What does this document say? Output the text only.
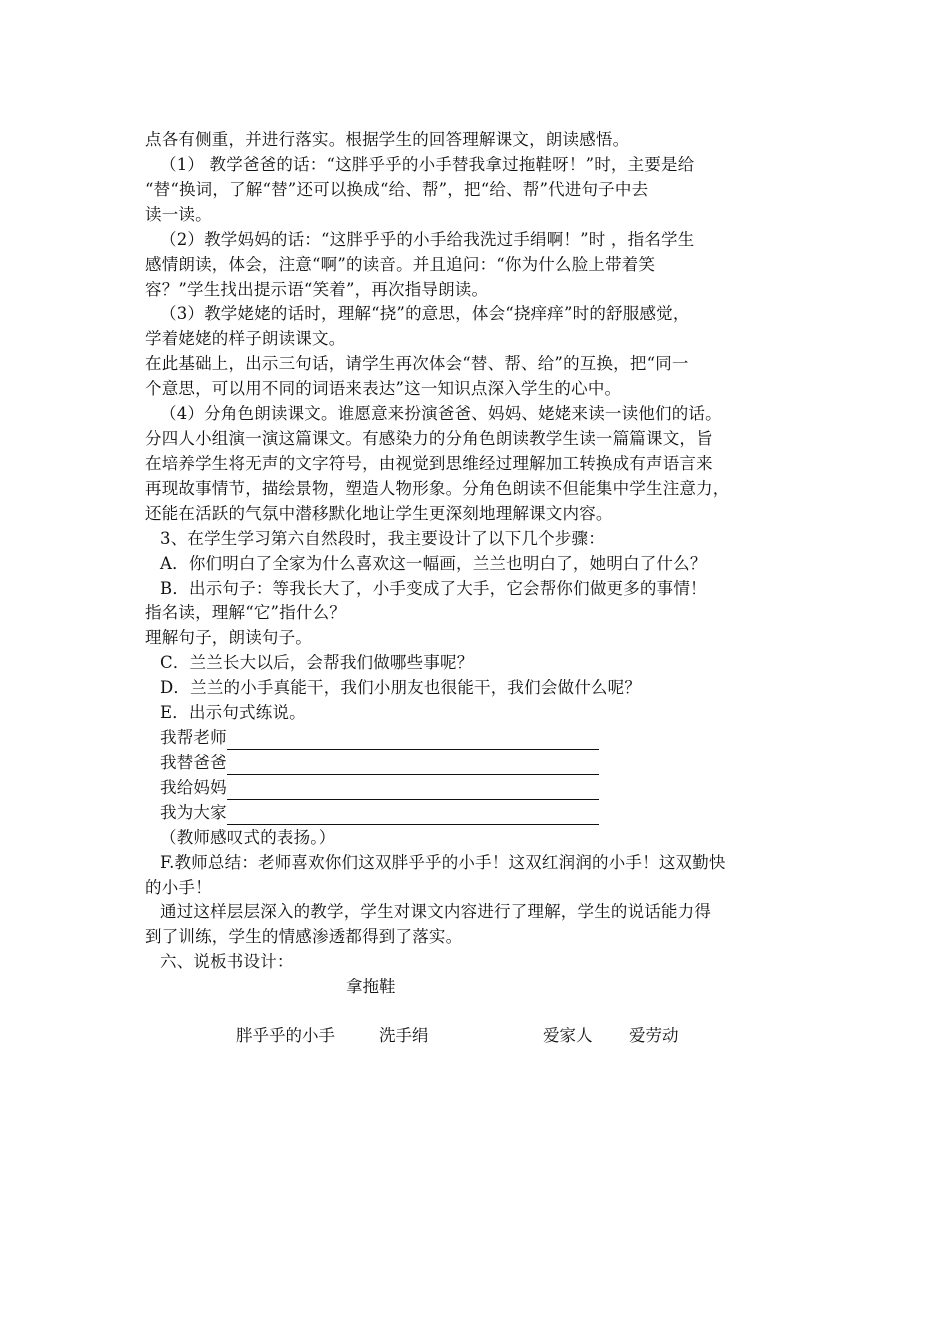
点各有侧重，并进行落实。根据学生的回答理解课文，朗读感悟。
（1） 教学爸爸的话：“这胖乎乎的小手替我拿过拖鞋呀！”时，主要是给
“替“换词，了解“替”还可以换成“给、帮”，把“给、帮”代进句子中去
读一读。
（2）教学妈妈的话：“这胖乎乎的小手给我洗过手绢啊！”时 ，指名学生
感情朗读，体会，注意“啊”的读音。并且追问：“你为什么脸上带着笑
容？”学生找出提示语“笑着”，再次指导朗读。
（3）教学姥姥的话时，理解“挠”的意思，体会“挠痒痒”时的舒服感觉，
学着姥姥的样子朗读课文。
在此基础上，出示三句话，请学生再次体会“替、帮、给”的互换，把“同一
个意思，可以用不同的词语来表达”这一知识点深入学生的心中。
（4）分角色朗读课文。谁愿意来扮演爸爸、妈妈、姥姥来读一读他们的话。
分四人小组演一演这篇课文。有感染力的分角色朗读教学生读一篇篇课文，旨
在培养学生将无声的文字符号，由视觉到思维经过理解加工转换成有声语言来
再现故事情节，描绘景物，塑造人物形象。分角色朗读不但能集中学生注意力，
还能在活跃的气氛中潜移默化地让学生更深刻地理解课文内容。
3、在学生学习第六自然段时，我主要设计了以下几个步骤：
A．你们明白了全家为什么喜欢这一幅画，兰兰也明白了，她明白了什么？
B．出示句子：等我长大了，小手变成了大手，它会帮你们做更多的事情！
指名读，理解“它”指什么？
理解句子，朗读句子。
C．兰兰长大以后，会帮我们做哪些事呢？
D．兰兰的小手真能干，我们小朋友也很能干，我们会做什么呢？
E．出示句式练说。
我帮老师
我替爸爸
我给妈妈
我为大家
（教师感叹式的表扬。）
F.教师总结：老师喜欢你们这双胖乎乎的小手！这双红润润的小手！这双勤快
的小手！
通过这样层层深入的教学，学生对课文内容进行了理解，学生的说话能力得
到了训练，学生的情感渗透都得到了落实。
六、说板书设计：
拿拖鞋
胖乎乎的小手	洗手绢	爱家人 爱劳动
